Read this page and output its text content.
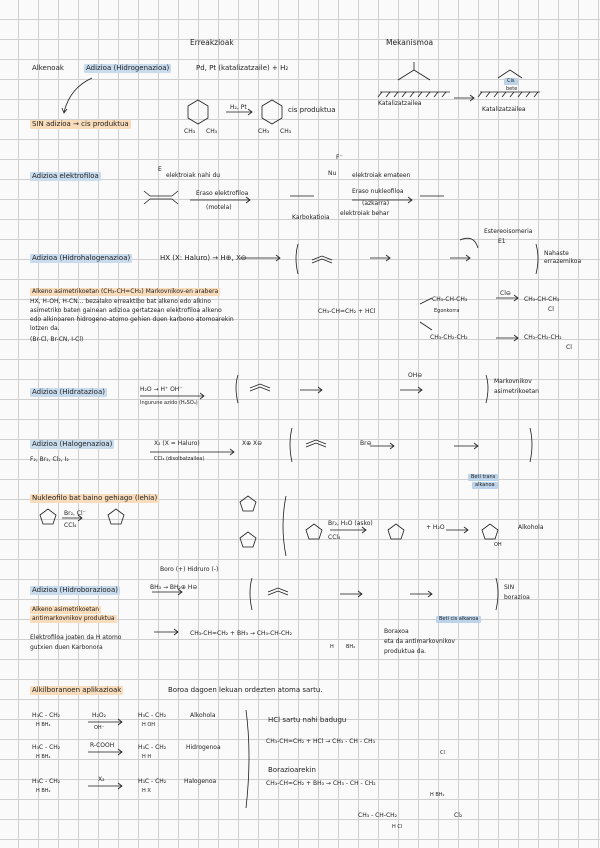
Erreakzioak	Mekanismoa
Alkenoak	Adizioa (Hidrogenazioa)	Pd, Pt (katalizatzaile) + H₂
SIN adizioa → cis produktua
H₂, Pt	cis produktua
CH₃ CH₃	CH₃ CH₃
Katalizatzailea
Katalizatzailea
Cis
bete
Adizioa elektrofiloa	elektroiak nahi du
Eraso elektrofiloa
(motela)
Karbokatioia
elektroiak behar
elektroiak emateen
Eraso nukleofiloa
(azkarra)
E
Nu
F⁻
Adizioa (Hidrohalogenazioa)	HX (X: Haluro) → H⊕, X⊖
Estereoisomeria
E1
Nahaste
errazemikoa
Alkeno asimetrikoetan (CH₃-CH=CH₂) Markovnikov-en arabera
HX, H-OH, H-CN... bezalako erreaktibo bat alkeno edo alkino
asimetriko baten gainean adizioa gertatzean elektrofiloa alkeno
edo alkinoaren hidrogeno-atomo gehien duen karbono atomoarekin
lotzen da.
(Br-Cl, Br-CN, I-Cl)
CH₃-CH=CH₂ + HCl
CH₃-CH-CH₃
Egonkorra
Cl⊖
CH₃-CH-CH₃
Cl
CH₃-CH₂-CH₂	CH₃-CH₂-CH₂
Cl
Adizioa (Hidratazioa)	H₂O → H⁺ OH⁻
Ingurune azido (H₂SO₄)
Markovnikov
asimetrikoetan
OH⊖
Adizioa (Halogenazioa)
F₂, Br₂, Cl₂, I₂
X₂ (X = Haluro)
CCl₄ (disolbatzailea)
X⊕ X⊖	Br⊖
Beti trans
alkanoa
Nukleofilo bat baino gehiago (lehia)
Br₂, Cl⁻
CCl₄	Br₂, H₂O (asko)
CCl₄
+ H₂O	Alkohola
OH
Boro (+) Hidruro (-)
Adizioa (Hidroboraziooa)	BH₃ → BH₂⊕ H⊖	SIN
borazioa
Beti cis alkanoa
Alkeno asimetrikoetan
antimarkovnikov produktua
Elektrofiloa joaten da H atomo
gutxien duen Karbonora
CH₃-CH=CH₂ + BH₃ → CH₃-CH-CH₂	Boraxoa
eta da antimarkovnikov
produktua da.
H BH₂
Alkilboranoen aplikazioak	Boroa dagoen lekuan ordezten atoma sartu.
H₃C - CH₂
H BH₂
H₂O₂
OH⁻
H₃C - CH₂
H OH
Alkohola
H₃C - CH₂
H BH₂
R-COOH	H₃C - CH₂
H H
Hidrogenoa
H₃C - CH₂
H BH₂
X₂	H₃C - CH₂
H X
Halogenoa
HCl sartu nahi badugu
CH₃-CH=CH₂ + HCl → CH₃ - CH - CH₃
Cl
Borazioarekin
CH₃-CH=CH₂ + BH₃ → CH₃ - CH - CH₂
H BH₂
CH₃ - CH-CH₂
H Cl
Cl₂
